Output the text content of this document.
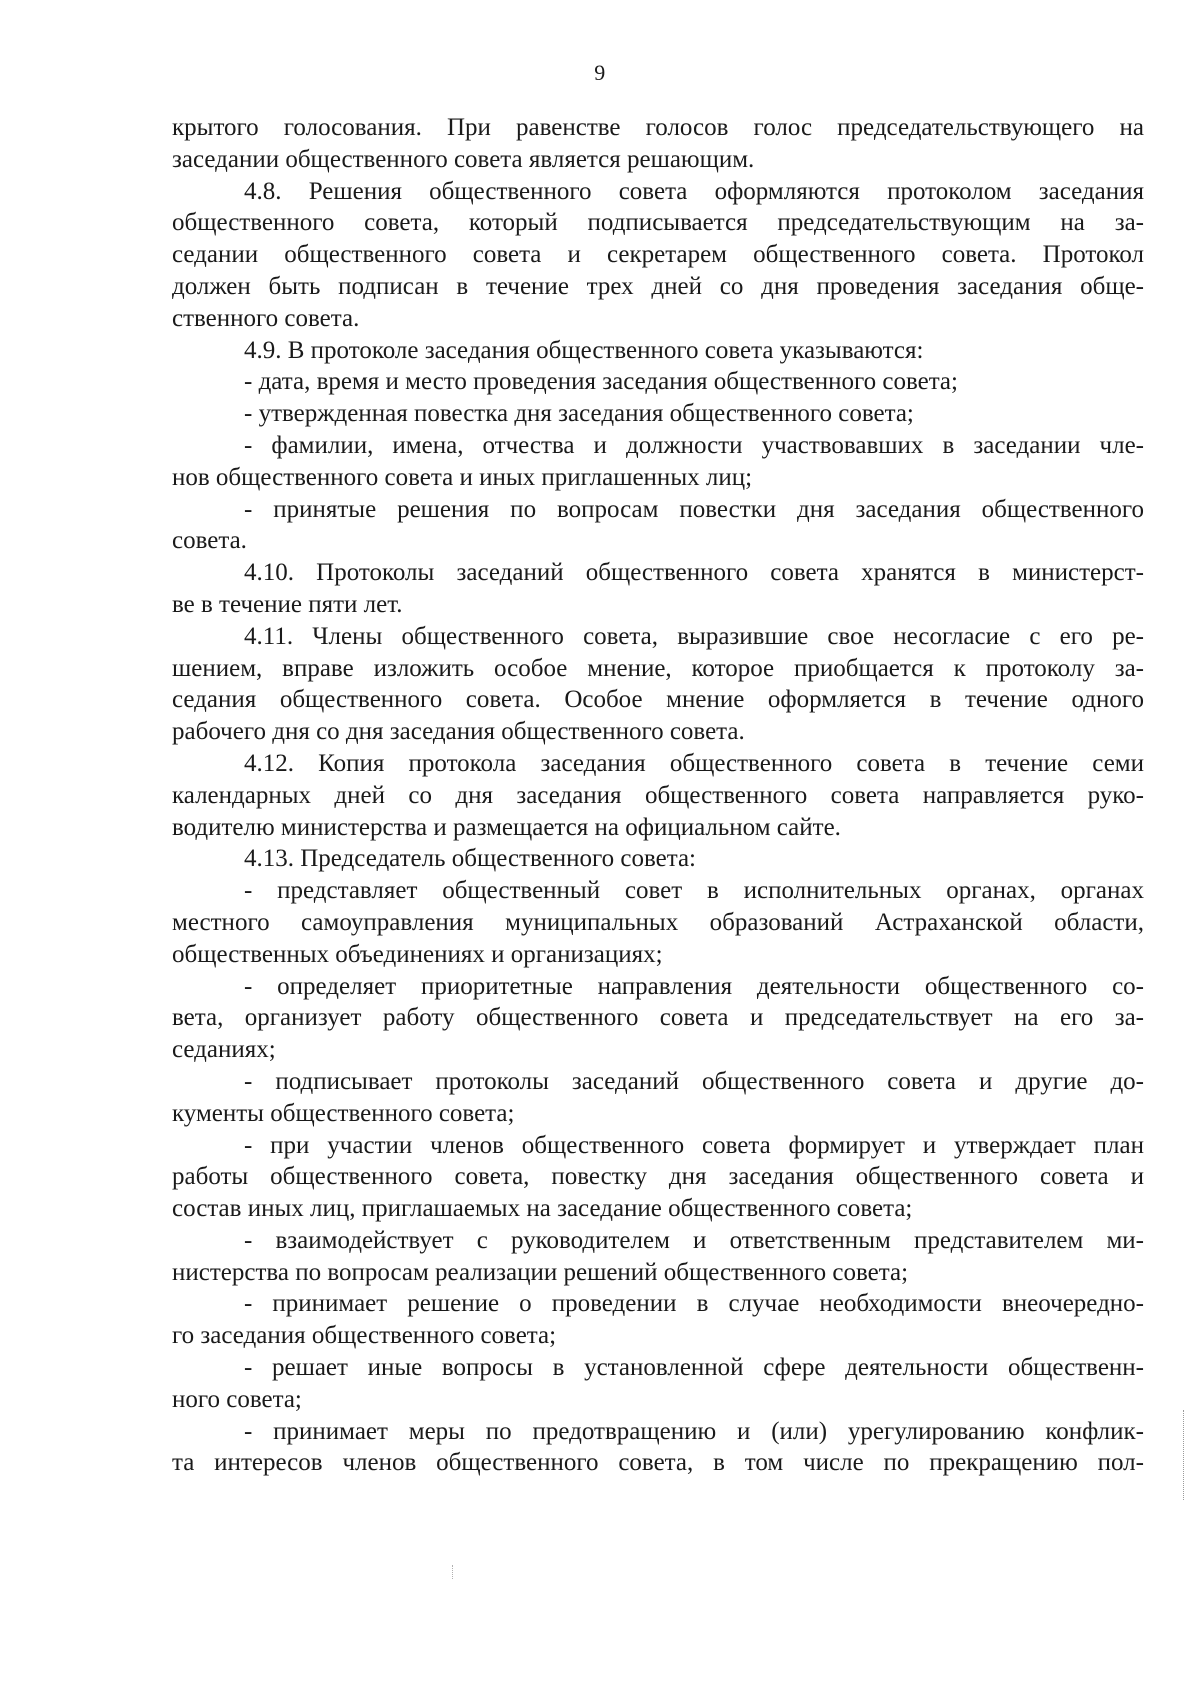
9
крытого голосования. При равенстве голосов голос председательствующего на
заседании общественного совета является решающим.
4.8. Решения общественного совета оформляются протоколом заседания
общественного совета, который подписывается председательствующим на за-
седании общественного совета и секретарем общественного совета. Протокол
должен быть подписан в течение трех дней со дня проведения заседания обще-
ственного совета.
4.9. В протоколе заседания общественного совета указываются:
- дата, время и место проведения заседания общественного совета;
- утвержденная повестка дня заседания общественного совета;
- фамилии, имена, отчества и должности участвовавших в заседании чле-
нов общественного совета и иных приглашенных лиц;
- принятые решения по вопросам повестки дня заседания общественного
совета.
4.10. Протоколы заседаний общественного совета хранятся в министерст-
ве в течение пяти лет.
4.11. Члены общественного совета, выразившие свое несогласие с его ре-
шением, вправе изложить особое мнение, которое приобщается к протоколу за-
седания общественного совета. Особое мнение оформляется в течение одного
рабочего дня со дня заседания общественного совета.
4.12. Копия протокола заседания общественного совета в течение семи
календарных дней со дня заседания общественного совета направляется руко-
водителю министерства и размещается на официальном сайте.
4.13. Председатель общественного совета:
- представляет общественный совет в исполнительных органах, органах
местного самоуправления муниципальных образований Астраханской области,
общественных объединениях и организациях;
- определяет приоритетные направления деятельности общественного со-
вета, организует работу общественного совета и председательствует на его за-
седаниях;
- подписывает протоколы заседаний общественного совета и другие до-
кументы общественного совета;
- при участии членов общественного совета формирует и утверждает план
работы общественного совета, повестку дня заседания общественного совета и
состав иных лиц, приглашаемых на заседание общественного совета;
- взаимодействует с руководителем и ответственным представителем ми-
нистерства по вопросам реализации решений общественного совета;
- принимает решение о проведении в случае необходимости внеочередно-
го заседания общественного совета;
- решает иные вопросы в установленной сфере деятельности общественн-
ного совета;
- принимает меры по предотвращению и (или) урегулированию конфлик-
та интересов членов общественного совета, в том числе по прекращению пол-
